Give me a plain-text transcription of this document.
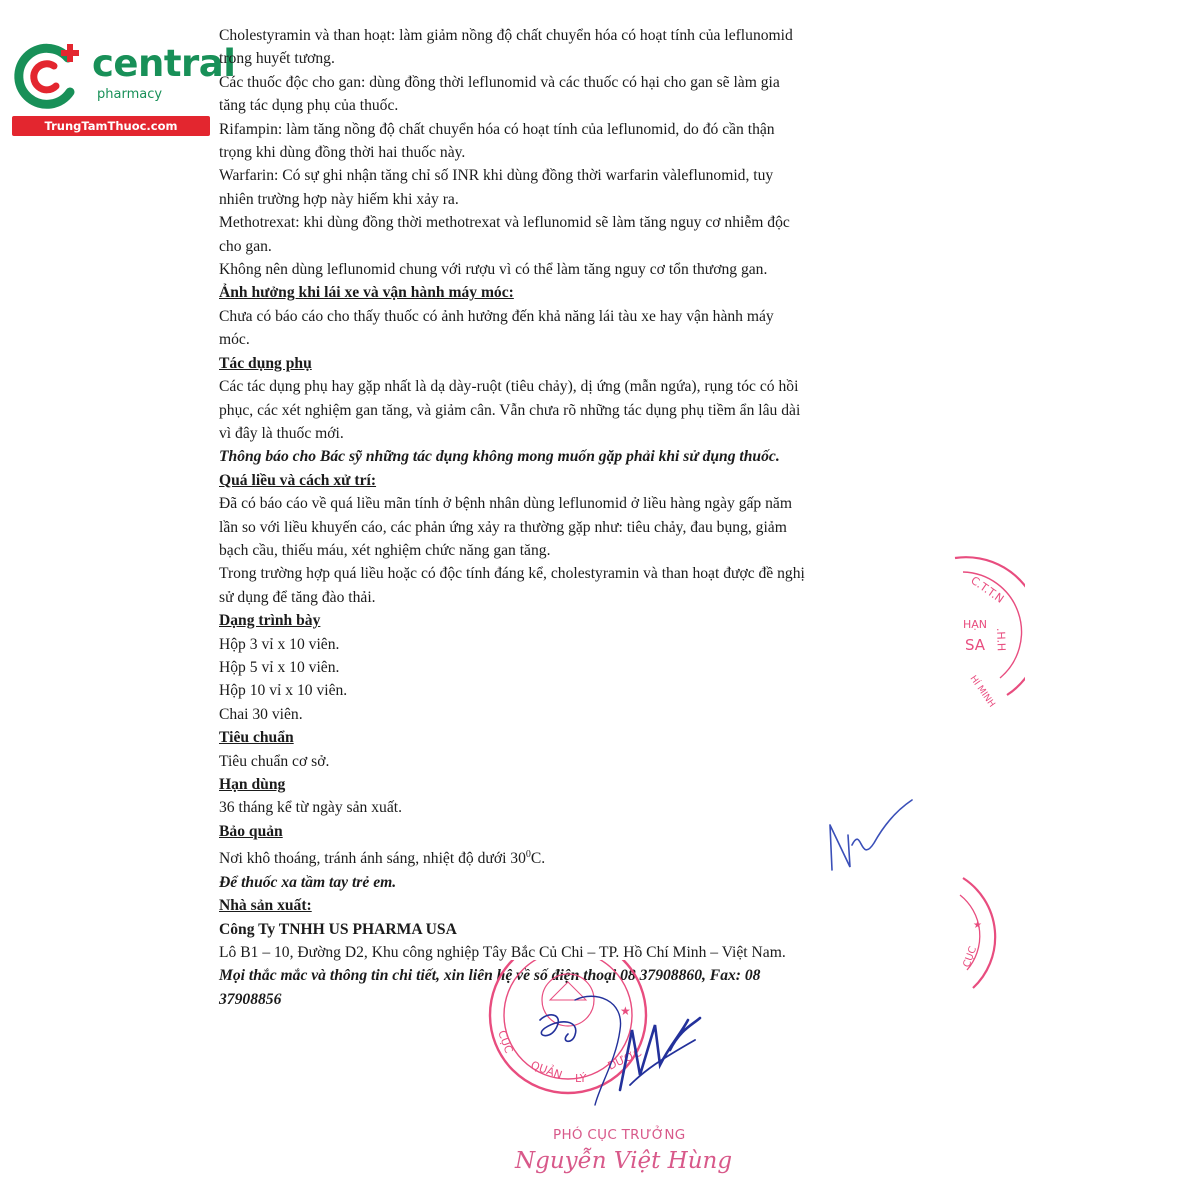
central
pharmacy
TrungTamThuoc.com

Cholestyramin và than hoạt: làm giảm nồng độ chất chuyển hóa có hoạt tính của leflunomid
trong huyết tương.

Các thuốc độc cho gan: dùng đồng thời leflunomid và các thuốc có hại cho gan sẽ làm gia
tăng tác dụng phụ của thuốc.

Rifampin: làm tăng nồng độ chất chuyển hóa có hoạt tính của leflunomid, do đó cần thận
trọng khi dùng đồng thời hai thuốc này.

Warfarin: Có sự ghi nhận tăng chỉ số INR khi dùng đồng thời warfarin vàleflunomid, tuy
nhiên trường hợp này hiếm khi xảy ra.

Methotrexat: khi dùng đồng thời methotrexat và leflunomid sẽ làm tăng nguy cơ nhiễm độc
cho gan.

Không nên dùng leflunomid chung với rượu vì có thể làm tăng nguy cơ tổn thương gan.

Ảnh hưởng khi lái xe và vận hành máy móc:

Chưa có báo cáo cho thấy thuốc có ảnh hưởng đến khả năng lái tàu xe hay vận hành máy
móc.

Tác dụng phụ

Các tác dụng phụ hay gặp nhất là dạ dày-ruột (tiêu chảy), dị ứng (mẫn ngứa), rụng tóc có hồi
phục, các xét nghiệm gan tăng, và giảm cân. Vẫn chưa rõ những tác dụng phụ tiềm ẩn lâu dài
vì đây là thuốc mới.

Thông báo cho Bác sỹ những tác dụng không mong muốn gặp phải khi sử dụng thuốc.

Quá liều và cách xử trí:

Đã có báo cáo về quá liều mãn tính ở bệnh nhân dùng leflunomid ở liều hàng ngày gấp năm
lần so với liều khuyến cáo, các phản ứng xảy ra thường gặp như: tiêu chảy, đau bụng, giảm
bạch cầu, thiếu máu, xét nghiệm chức năng gan tăng.

Trong trường hợp quá liều hoặc có độc tính đáng kể, cholestyramin và than hoạt được đề nghị
sử dụng để tăng đào thải.

Dạng trình bày

Hộp 3 vỉ x 10 viên.

Hộp 5 vỉ x 10 viên.

Hộp 10 vỉ x 10 viên.

Chai 30 viên.

Tiêu chuẩn

Tiêu chuẩn cơ sở.

Hạn dùng

36 tháng kể từ ngày sản xuất.

Bảo quản

Nơi khô thoáng, tránh ánh sáng, nhiệt độ dưới $30^0C$.

Để thuốc xa tầm tay trẻ em.

Nhà sản xuất:

Công Ty TNHH US PHARMA USA

Lô B1 – 10, Đường D2, Khu công nghiệp Tây Bắc Củ Chi – TP. Hồ Chí Minh – Việt Nam.

Mọi thắc mắc và thông tin chi tiết, xin liên hệ về số điện thoại 08 37908860, Fax: 08
37908856

C.T.T.N
.H.H
HẠN
SA
HÍ MINH
★
CỤC
CỤC
QUẢN LÝ
DƯỢC
★
PHÓ CỤC TRƯỞNG
Nguyễn Việt Hùng
